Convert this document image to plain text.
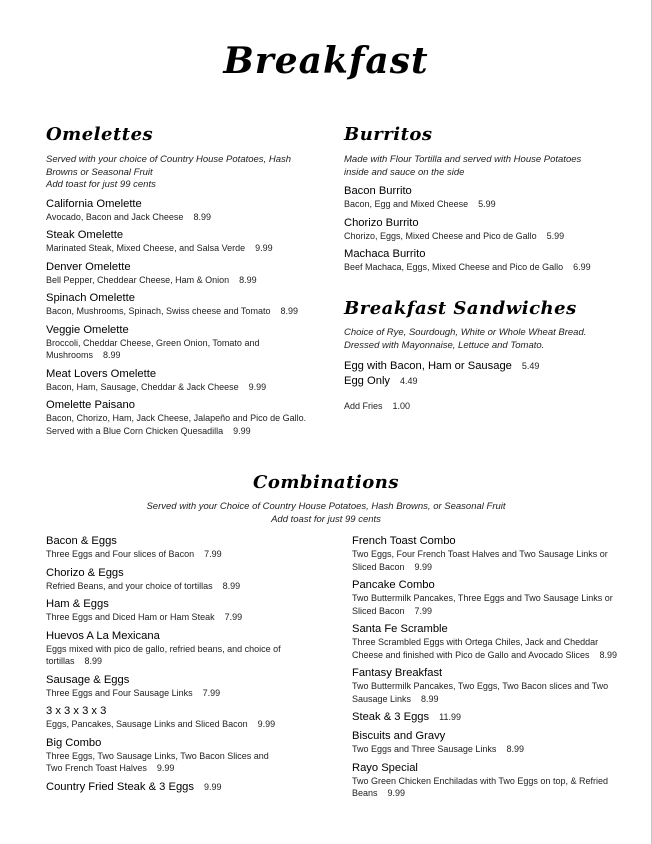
Breakfast
Omelettes
Served with your choice of Country House Potatoes, Hash
Browns or Seasonal Fruit
Add toast for just 99 cents
California Omelette
Avocado, Bacon and Jack Cheese 8.99
Steak Omelette
Marinated Steak, Mixed Cheese, and Salsa Verde 9.99
Denver Omelette
Bell Pepper, Cheddear Cheese, Ham & Onion 8.99
Spinach Omelette
Bacon, Mushrooms, Spinach, Swiss cheese and Tomato 8.99
Veggie Omelette
Broccoli, Cheddar Cheese, Green Onion, Tomato and
Mushrooms 8.99
Meat Lovers Omelette
Bacon, Ham, Sausage, Cheddar & Jack Cheese 9.99
Omelette Paisano
Bacon, Chorizo, Ham, Jack Cheese, Jalapeño and Pico de Gallo.
Served with a Blue Corn Chicken Quesadilla 9.99
Burritos
Made with Flour Tortilla and served with House Potatoes
inside and sauce on the side
Bacon Burrito
Bacon, Egg and Mixed Cheese 5.99
Chorizo Burrito
Chorizo, Eggs, Mixed Cheese and Pico de Gallo 5.99
Machaca Burrito
Beef Machaca, Eggs, Mixed Cheese and Pico de Gallo 6.99
Breakfast Sandwiches
Choice of Rye, Sourdough, White or Whole Wheat Bread.
Dressed with Mayonnaise, Lettuce and Tomato.
Egg with Bacon, Ham or Sausage 5.49
Egg Only 4.49
Add Fries 1.00
Combinations
Served with your Choice of Country House Potatoes, Hash Browns, or Seasonal Fruit
Add toast for just 99 cents
Bacon & Eggs
Three Eggs and Four slices of Bacon 7.99
Chorizo & Eggs
Refried Beans, and your choice of tortillas 8.99
Ham & Eggs
Three Eggs and Diced Ham or Ham Steak 7.99
Huevos A La Mexicana
Eggs mixed with pico de gallo, refried beans, and choice of
tortillas 8.99
Sausage & Eggs
Three Eggs and Four Sausage Links 7.99
3 x 3 x 3 x 3
Eggs, Pancakes, Sausage Links and Sliced Bacon 9.99
Big Combo
Three Eggs, Two Sausage Links, Two Bacon Slices and
Two French Toast Halves 9.99
Country Fried Steak & 3 Eggs 9.99
French Toast Combo
Two Eggs, Four French Toast Halves and Two Sausage Links or
Sliced Bacon 9.99
Pancake Combo
Two Buttermilk Pancakes, Three Eggs and Two Sausage Links or
Sliced Bacon 7.99
Santa Fe Scramble
Three Scrambled Eggs with Ortega Chiles, Jack and Cheddar
Cheese and finished with Pico de Gallo and Avocado Slices 8.99
Fantasy Breakfast
Two Buttermilk Pancakes, Two Eggs, Two Bacon slices and Two
Sausage Links 8.99
Steak & 3 Eggs 11.99
Biscuits and Gravy
Two Eggs and Three Sausage Links 8.99
Rayo Special
Two Green Chicken Enchiladas with Two Eggs on top, & Refried
Beans 9.99
